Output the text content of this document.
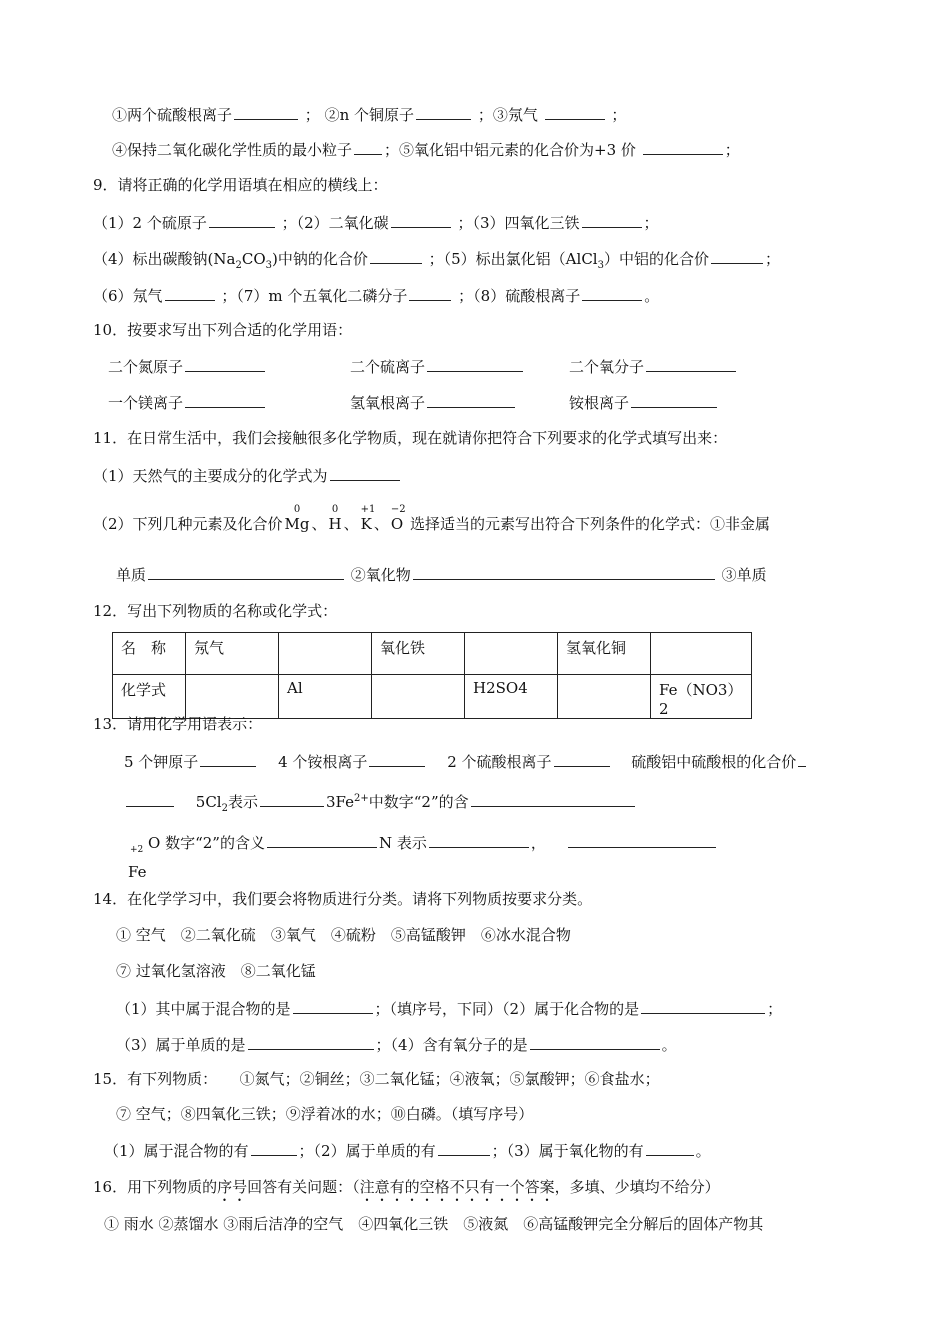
①两个硫酸根离子	； ②n 个铜原子	；③氖气	；
④保持二氧化碳化学性质的最小粒子 ；⑤氧化铝中铝元素的化合价为+3 价	；
9．请将正确的化学用语填在相应的横线上：
（1）2 个硫原子	；（2）二氧化碳	；（3）四氧化三铁	；
（4）标出碳酸钠$(Na_2CO_3)$中钠的化合价	；（5）标出氯化铝（AlCl$_3$）中铝的化合价	；
（6）氖气	；（7）m 个五氧化二磷分子	；（8）硫酸根离子	。
10．按要求写出下列合适的化学用语：
二个氮原子	二个硫离子	二个氧分子
一个镁离子	氢氧根离子	铵根离子
11．在日常生活中，我们会接触很多化学物质，现在就请你把符合下列要求的化学式填写出来：
（1）天然气的主要成分的化学式为
（2）下列几种元素及化合价
0
Mg 、
0
H 、
+1
K 、
−2
O 选择适当的元素写出符合下列条件的化学式：①非金属
单质	②氧化物	③单质
12．写出下列物质的名称或化学式：
名　称	氖气		氧化铁		氢氧化铜	
化学式		Al		H2SO4		Fe（NO3）2
13．请用化学用语表示：
5 个钾原子 　	4 个铵根离子 　	2 个硫酸根离子 　	硫酸铝中硫酸根的化合价
　$5Cl_2$表示	$3Fe^{2+}$中数字“2”的含
+2
Fe
O 数字“2”的含义	N 表示	， 　
14．在化学学习中，我们要会将物质进行分类。请将下列物质按要求分类。
① 空气　 ②二氧化硫　 ③氧气　 ④硫粉　 ⑤高锰酸钾　 ⑥冰水混合物
⑦ 过氧化氢溶液　 ⑧二氧化锰
（1）其中属于混合物的是	；（填序号，下同）（2）属于化合物的是	；
（3）属于单质的是	；（4）含有氧分子的是	。
15．有下列物质：　　①氮气；②铜丝；③二氧化锰；④液氧；⑤氯酸钾；⑥食盐水；
⑦ 空气；⑧四氧化三铁；⑨浮着冰的水；⑩白磷。（填写序号）
（1）属于混合物的有	；（2）属于单质的有	；（3）属于氧化物的有	。
16．用下列物质的序号回答有关问题：（注意有的空格不只有一个答案，多填、少填均不给分）
① 雨水 ②蒸馏水 ③雨后洁净的空气　④四氧化三铁　⑤液氮　⑥高锰酸钾完全分解后的固体产物其
